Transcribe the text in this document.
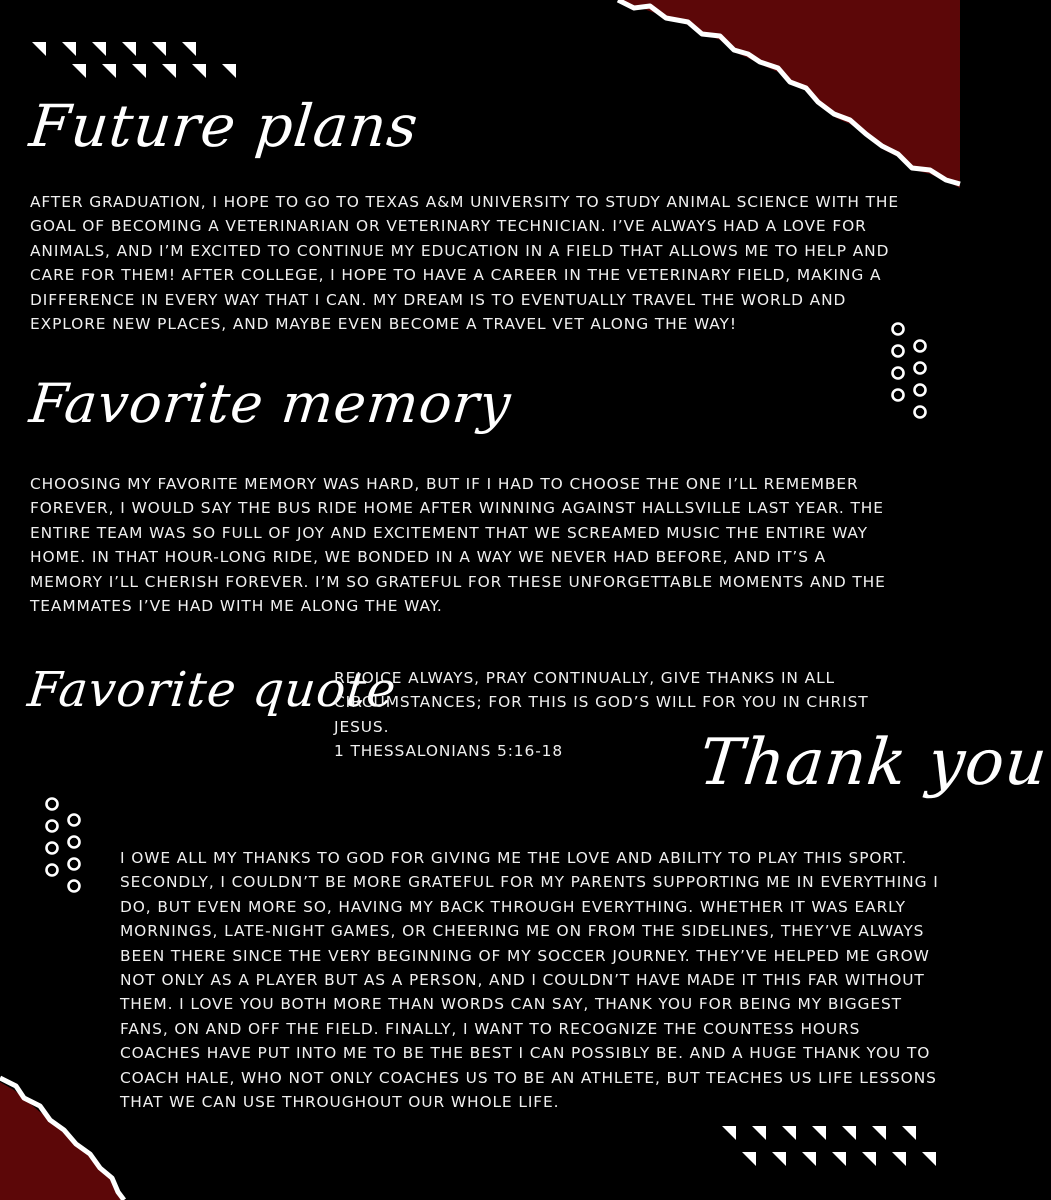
Future plans

AFTER GRADUATION, I HOPE TO GO TO TEXAS A&M UNIVERSITY TO STUDY ANIMAL SCIENCE WITH THE GOAL OF BECOMING A VETERINARIAN OR VETERINARY TECHNICIAN. I’VE ALWAYS HAD A LOVE FOR ANIMALS, AND I’M EXCITED TO CONTINUE MY EDUCATION IN A FIELD THAT ALLOWS ME TO HELP AND CARE FOR THEM! AFTER COLLEGE, I HOPE TO HAVE A CAREER IN THE VETERINARY FIELD, MAKING A DIFFERENCE IN EVERY WAY THAT I CAN. MY DREAM IS TO EVENTUALLY TRAVEL THE WORLD AND EXPLORE NEW PLACES, AND MAYBE EVEN BECOME A TRAVEL VET ALONG THE WAY!

Favorite memory

CHOOSING MY FAVORITE MEMORY WAS HARD, BUT IF I HAD TO CHOOSE THE ONE I’LL REMEMBER FOREVER, I WOULD SAY THE BUS RIDE HOME AFTER WINNING AGAINST HALLSVILLE LAST YEAR. THE ENTIRE TEAM WAS SO FULL OF JOY AND EXCITEMENT THAT WE SCREAMED MUSIC THE ENTIRE WAY HOME. IN THAT HOUR-LONG RIDE, WE BONDED IN A WAY WE NEVER HAD BEFORE, AND IT’S A MEMORY I’LL CHERISH FOREVER. I’M SO GRATEFUL FOR THESE UNFORGETTABLE MOMENTS AND THE TEAMMATES I’VE HAD WITH ME ALONG THE WAY.

Favorite quote
REJOICE ALWAYS, PRAY CONTINUALLY, GIVE THANKS IN ALL CIRCUMSTANCES; FOR THIS IS GOD’S WILL FOR YOU IN CHRIST JESUS.
1 THESSALONIANS 5:16-18	Thank you

I OWE ALL MY THANKS TO GOD FOR GIVING ME THE LOVE AND ABILITY TO PLAY THIS SPORT. SECONDLY, I COULDN’T BE MORE GRATEFUL FOR MY PARENTS SUPPORTING ME IN EVERYTHING I DO, BUT EVEN MORE SO, HAVING MY BACK THROUGH EVERYTHING. WHETHER IT WAS EARLY MORNINGS, LATE-NIGHT GAMES, OR CHEERING ME ON FROM THE SIDELINES, THEY’VE ALWAYS BEEN THERE SINCE THE VERY BEGINNING OF MY SOCCER JOURNEY. THEY’VE HELPED ME GROW NOT ONLY AS A PLAYER BUT AS A PERSON, AND I COULDN’T HAVE MADE IT THIS FAR WITHOUT THEM. I LOVE YOU BOTH MORE THAN WORDS CAN SAY, THANK YOU FOR BEING MY BIGGEST FANS, ON AND OFF THE FIELD. FINALLY, I WANT TO RECOGNIZE THE COUNTESS HOURS COACHES HAVE PUT INTO ME TO BE THE BEST I CAN POSSIBLY BE. AND A HUGE THANK YOU TO COACH HALE, WHO NOT ONLY COACHES US TO BE AN ATHLETE, BUT TEACHES US LIFE LESSONS THAT WE CAN USE THROUGHOUT OUR WHOLE LIFE.
